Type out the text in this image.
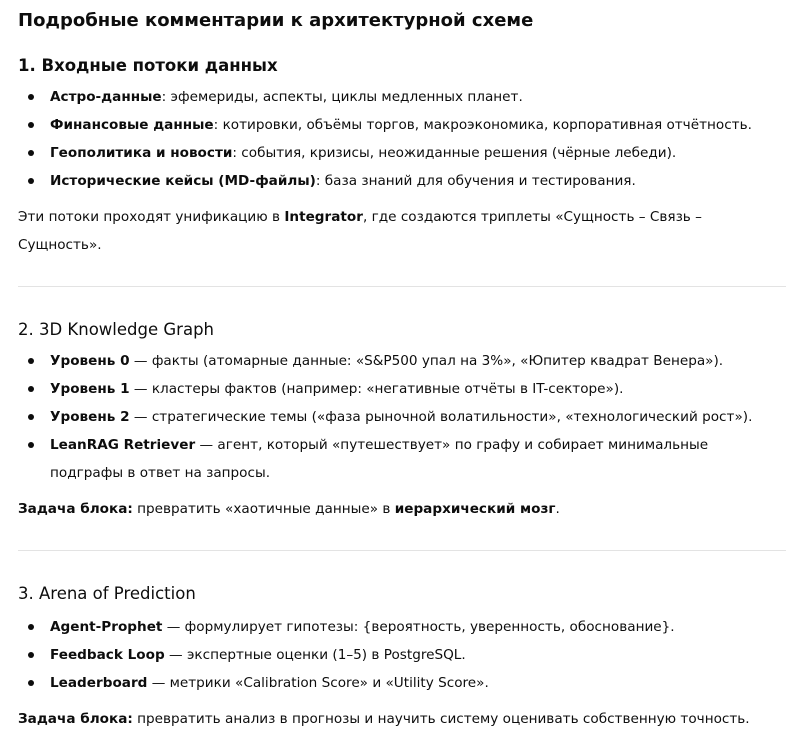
Подробные комментарии к архитектурной схеме
1. Входные потоки данных
Астро-данные: эфемериды, аспекты, циклы медленных планет.
Финансовые данные: котировки, объёмы торгов, макроэкономика, корпоративная отчётность.
Геополитика и новости: события, кризисы, неожиданные решения (чёрные лебеди).
Исторические кейсы (MD-файлы): база знаний для обучения и тестирования.

Эти потоки проходят унификацию в Integrator, где создаются триплеты «Сущность – Связь – Сущность».

2. 3D Knowledge Graph
Уровень 0 — факты (атомарные данные: «S&P500 упал на 3%», «Юпитер квадрат Венера»).
Уровень 1 — кластеры фактов (например: «негативные отчёты в IT-секторе»).
Уровень 2 — стратегические темы («фаза рыночной волатильности», «технологический рост»).
LeanRAG Retriever — агент, который «путешествует» по графу и собирает минимальные подграфы в ответ на запросы.

Задача блока: превратить «хаотичные данные» в иерархический мозг.

3. Arena of Prediction
Agent-Prophet — формулирует гипотезы: {вероятность, уверенность, обоснование}.
Feedback Loop — экспертные оценки (1–5) в PostgreSQL.
Leaderboard — метрики «Calibration Score» и «Utility Score».

Задача блока: превратить анализ в прогнозы и научить систему оценивать собственную точность.
